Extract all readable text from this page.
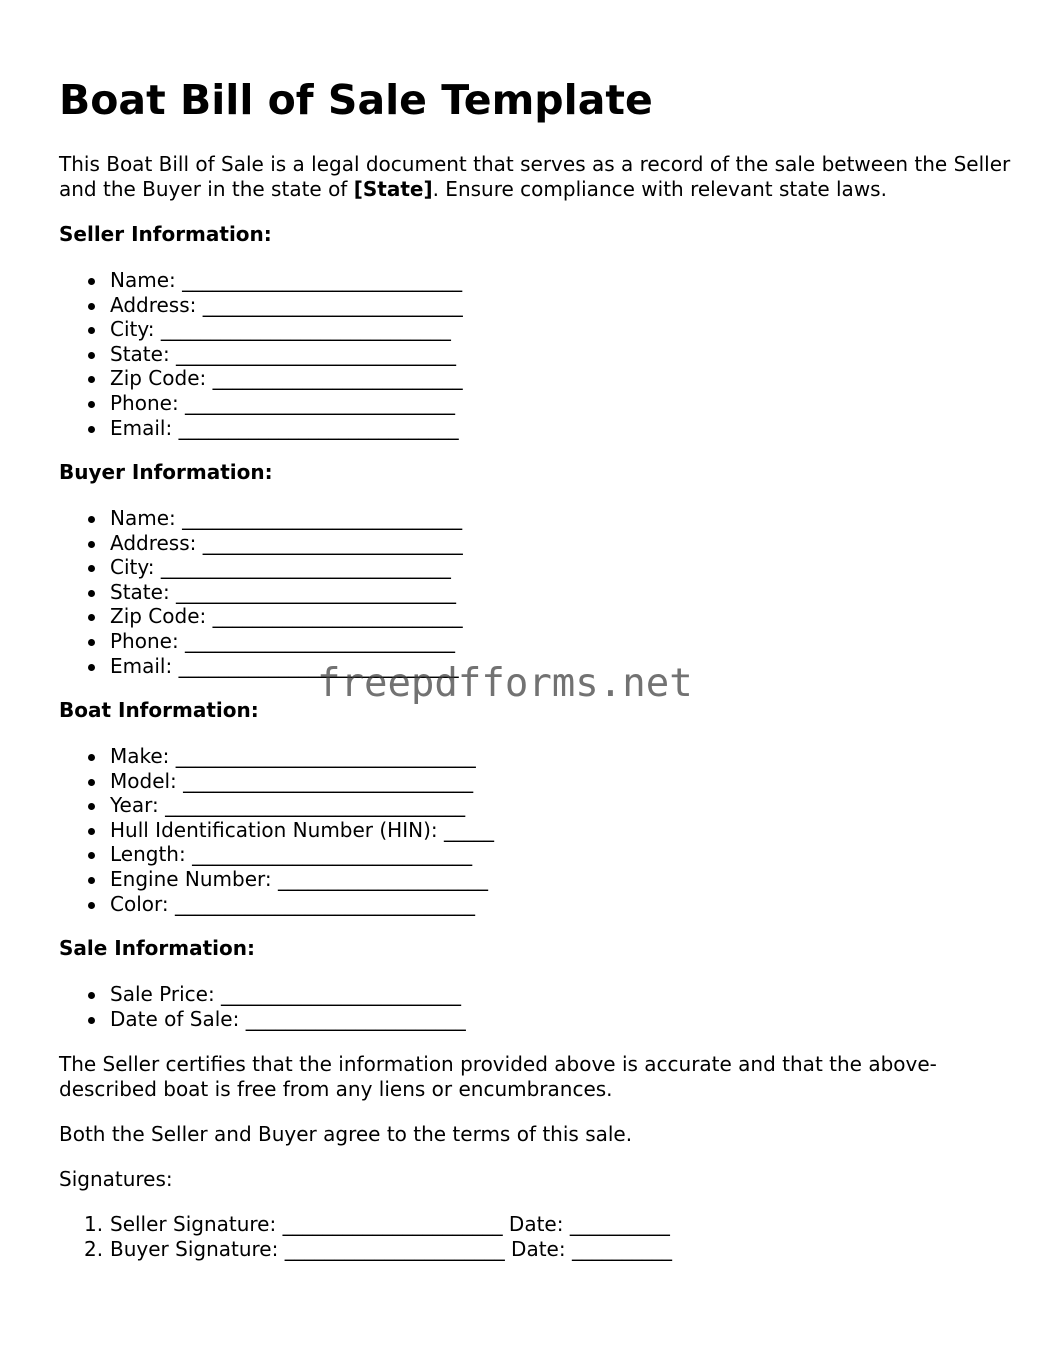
Boat Bill of Sale Template

This Boat Bill of Sale is a legal document that serves as a record of the sale between the Seller and the Buyer in the state of [State]. Ensure compliance with relevant state laws.

Seller Information:

Name: ____________________________
Address: __________________________
City: _____________________________
State: ____________________________
Zip Code: _________________________
Phone: ___________________________
Email: ____________________________

Buyer Information:

Name: ____________________________
Address: __________________________
City: _____________________________
State: ____________________________
Zip Code: _________________________
Phone: ___________________________
Email: ____________________________

Boat Information:

Make: ______________________________
Model: _____________________________
Year: ______________________________
Hull Identification Number (HIN): _____
Length: ____________________________
Engine Number: _____________________
Color: ______________________________

Sale Information:

Sale Price: ________________________
Date of Sale: ______________________

The Seller certifies that the information provided above is accurate and that the above-described boat is free from any liens or encumbrances.

Both the Seller and Buyer agree to the terms of this sale.

Signatures:

1. Seller Signature: ______________________ Date: __________
2. Buyer Signature: ______________________ Date: __________
freepdfforms.net
